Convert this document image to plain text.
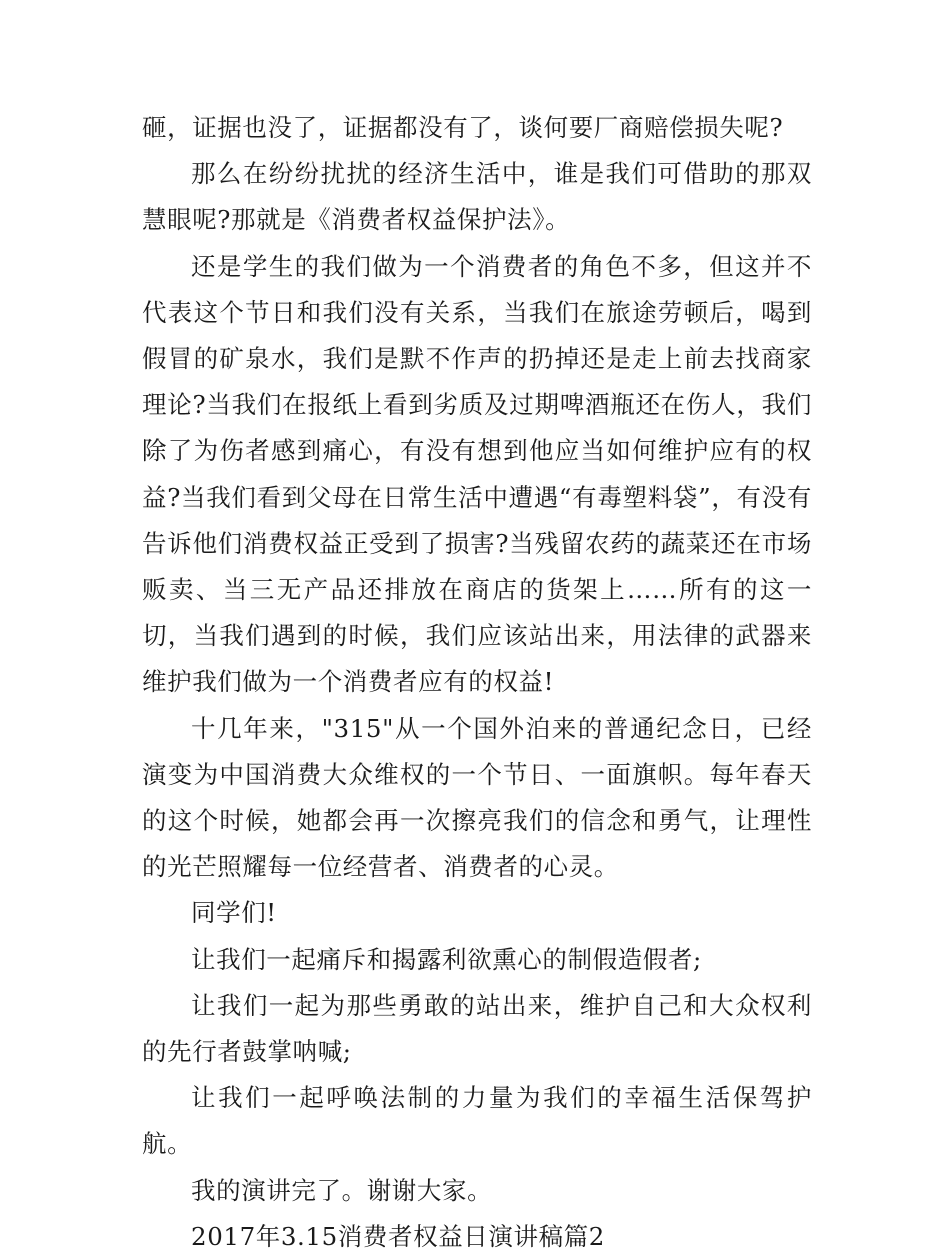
砸，证据也没了，证据都没有了，谈何要厂商赔偿损失呢?

那么在纷纷扰扰的经济生活中，谁是我们可借助的那双慧眼呢?那就是《消费者权益保护法》。

还是学生的我们做为一个消费者的角色不多，但这并不代表这个节日和我们没有关系，当我们在旅途劳顿后，喝到假冒的矿泉水，我们是默不作声的扔掉还是走上前去找商家理论?当我们在报纸上看到劣质及过期啤酒瓶还在伤人，我们除了为伤者感到痛心，有没有想到他应当如何维护应有的权益?当我们看到父母在日常生活中遭遇“有毒塑料袋”，有没有告诉他们消费权益正受到了损害?当残留农药的蔬菜还在市场贩卖、当三无产品还排放在商店的货架上……所有的这一切，当我们遇到的时候，我们应该站出来，用法律的武器来维护我们做为一个消费者应有的权益!

十几年来，"315"从一个国外泊来的普通纪念日，已经演变为中国消费大众维权的一个节日、一面旗帜。每年春天的这个时候，她都会再一次擦亮我们的信念和勇气，让理性的光芒照耀每一位经营者、消费者的心灵。

同学们!

让我们一起痛斥和揭露利欲熏心的制假造假者;

让我们一起为那些勇敢的站出来，维护自己和大众权利的先行者鼓掌呐喊;

让我们一起呼唤法制的力量为我们的幸福生活保驾护航。

我的演讲完了。谢谢大家。

2017年3.15消费者权益日演讲稿篇2
